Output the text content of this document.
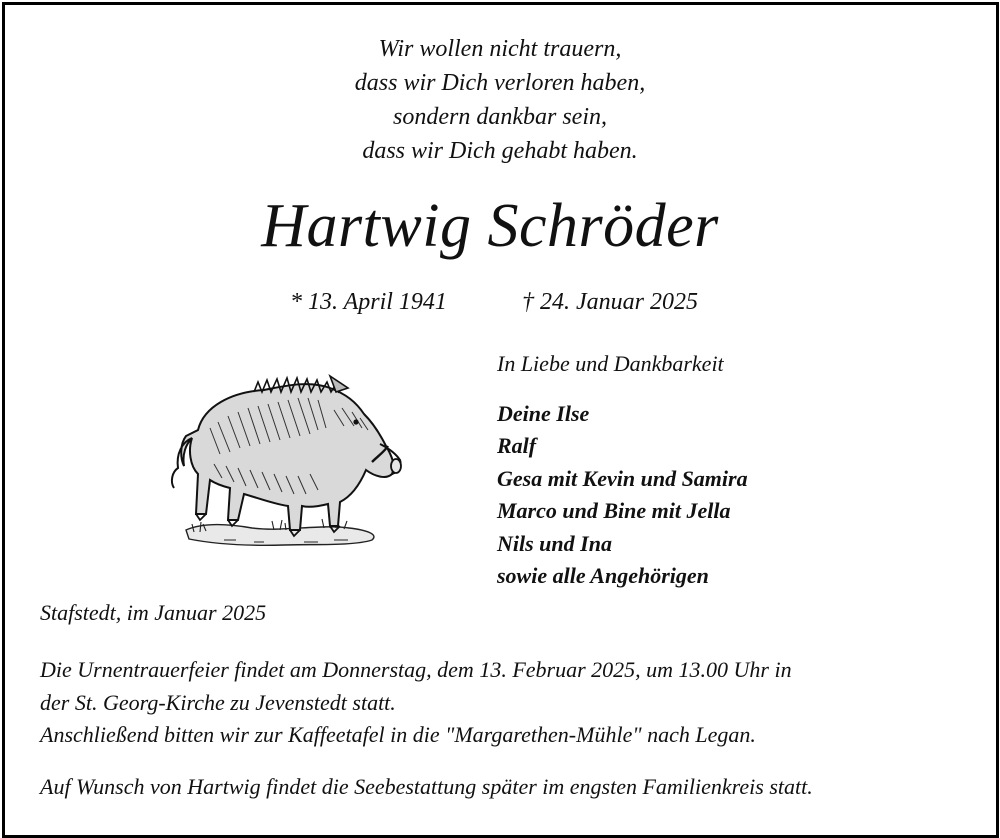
Wir wollen nicht trauern,
dass wir Dich verloren haben,
sondern dankbar sein,
dass wir Dich gehabt haben.
Hartwig Schröder
* 13. April 1941	† 24. Januar 2025
In Liebe und Dankbarkeit
Deine Ilse
Ralf
Gesa mit Kevin und Samira
Marco und Bine mit Jella
Nils und Ina
sowie alle Angehörigen
Stafstedt, im Januar 2025
Die Urnentrauerfeier findet am Donnerstag, dem 13. Februar 2025, um 13.00 Uhr in
der St. Georg-Kirche zu Jevenstedt statt.
Anschließend bitten wir zur Kaffeetafel in die "Margarethen-Mühle" nach Legan.
Auf Wunsch von Hartwig findet die Seebestattung später im engsten Familienkreis statt.
